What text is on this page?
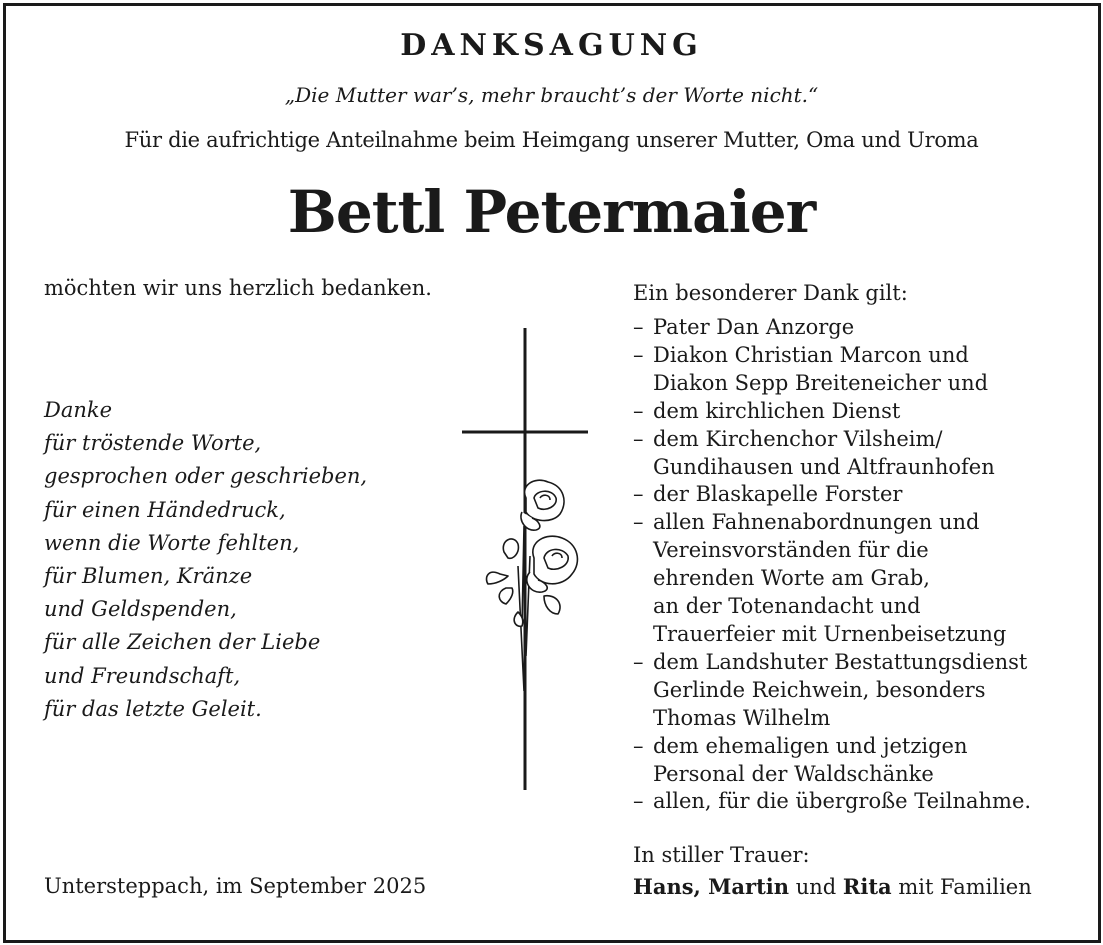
DANKSAGUNG
„Die Mutter war’s, mehr braucht’s der Worte nicht.“
Für die aufrichtige Anteilnahme beim Heimgang unserer Mutter, Oma und Uroma
Bettl Petermaier
möchten wir uns herzlich bedanken.
Danke
für tröstende Worte,
gesprochen oder geschrieben,
für einen Händedruck,
wenn die Worte fehlten,
für Blumen, Kränze
und Geldspenden,
für alle Zeichen der Liebe
und Freundschaft,
für das letzte Geleit.
Untersteppach, im September 2025
Ein besonderer Dank gilt:
– Pater Dan Anzorge
– Diakon Christian Marcon und
Diakon Sepp Breiteneicher und
– dem kirchlichen Dienst
– dem Kirchenchor Vilsheim/
Gundihausen und Altfraunhofen
– der Blaskapelle Forster
– allen Fahnenabordnungen und
Vereinsvorständen für die
ehrenden Worte am Grab,
an der Totenandacht und
Trauerfeier mit Urnenbeisetzung
– dem Landshuter Bestattungsdienst
Gerlinde Reichwein, besonders
Thomas Wilhelm
– dem ehemaligen und jetzigen
Personal der Waldschänke
– allen, für die übergroße Teilnahme.
In stiller Trauer:
Hans, Martin und Rita mit Familien
